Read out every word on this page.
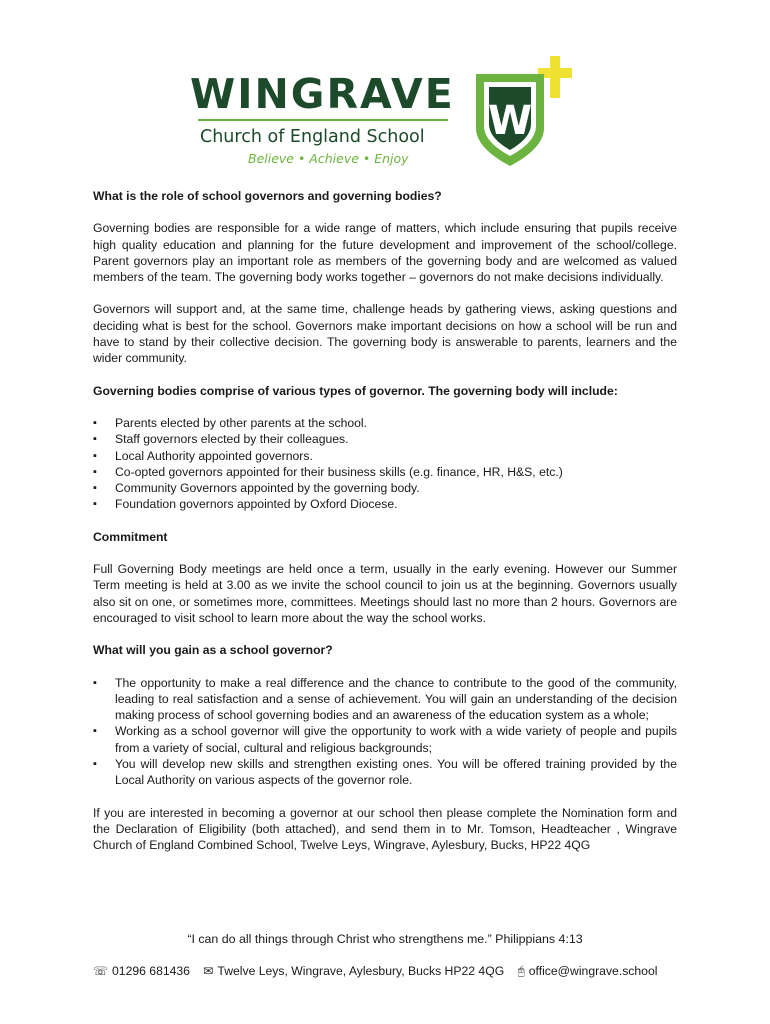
WINGRAVE
Church of England School
Believe • Achieve • Enjoy
W

What is the role of school governors and governing bodies?

Governing bodies are responsible for a wide range of matters, which include ensuring that pupils receive high quality education and planning for the future development and improvement of the school/college. Parent governors play an important role as members of the governing body and are welcomed as valued members of the team. The governing body works together – governors do not make decisions individually.

Governors will support and, at the same time, challenge heads by gathering views, asking questions and deciding what is best for the school. Governors make important decisions on how a school will be run and have to stand by their collective decision. The governing body is answerable to parents, learners and the wider community.

Governing bodies comprise of various types of governor. The governing body will include:

▪ Parents elected by other parents at the school.
▪ Staff governors elected by their colleagues.
▪ Local Authority appointed governors.
▪ Co-opted governors appointed for their business skills (e.g. finance, HR, H&S, etc.)
▪ Community Governors appointed by the governing body.
▪ Foundation governors appointed by Oxford Diocese.

Commitment

Full Governing Body meetings are held once a term, usually in the early evening. However our Summer Term meeting is held at 3.00 as we invite the school council to join us at the beginning. Governors usually also sit on one, or sometimes more, committees. Meetings should last no more than 2 hours. Governors are encouraged to visit school to learn more about the way the school works.

What will you gain as a school governor?

▪ The opportunity to make a real difference and the chance to contribute to the good of the community, leading to real satisfaction and a sense of achievement. You will gain an understanding of the decision making process of school governing bodies and an awareness of the education system as a whole;
▪ Working as a school governor will give the opportunity to work with a wide variety of people and pupils from a variety of social, cultural and religious backgrounds;
▪ You will develop new skills and strengthen existing ones. You will be offered training provided by the Local Authority on various aspects of the governor role.

If you are interested in becoming a governor at our school then please complete the Nomination form and the Declaration of Eligibility (both attached), and send them in to Mr. Tomson, Headteacher , Wingrave Church of England Combined School, Twelve Leys, Wingrave, Aylesbury, Bucks, HP22 4QG

“I can do all things through Christ who strengthens me.” Philippians 4:13
☏ 01296 681436 ✉ Twelve Leys, Wingrave, Aylesbury, Bucks HP22 4QG 🖰 office@wingrave.school
